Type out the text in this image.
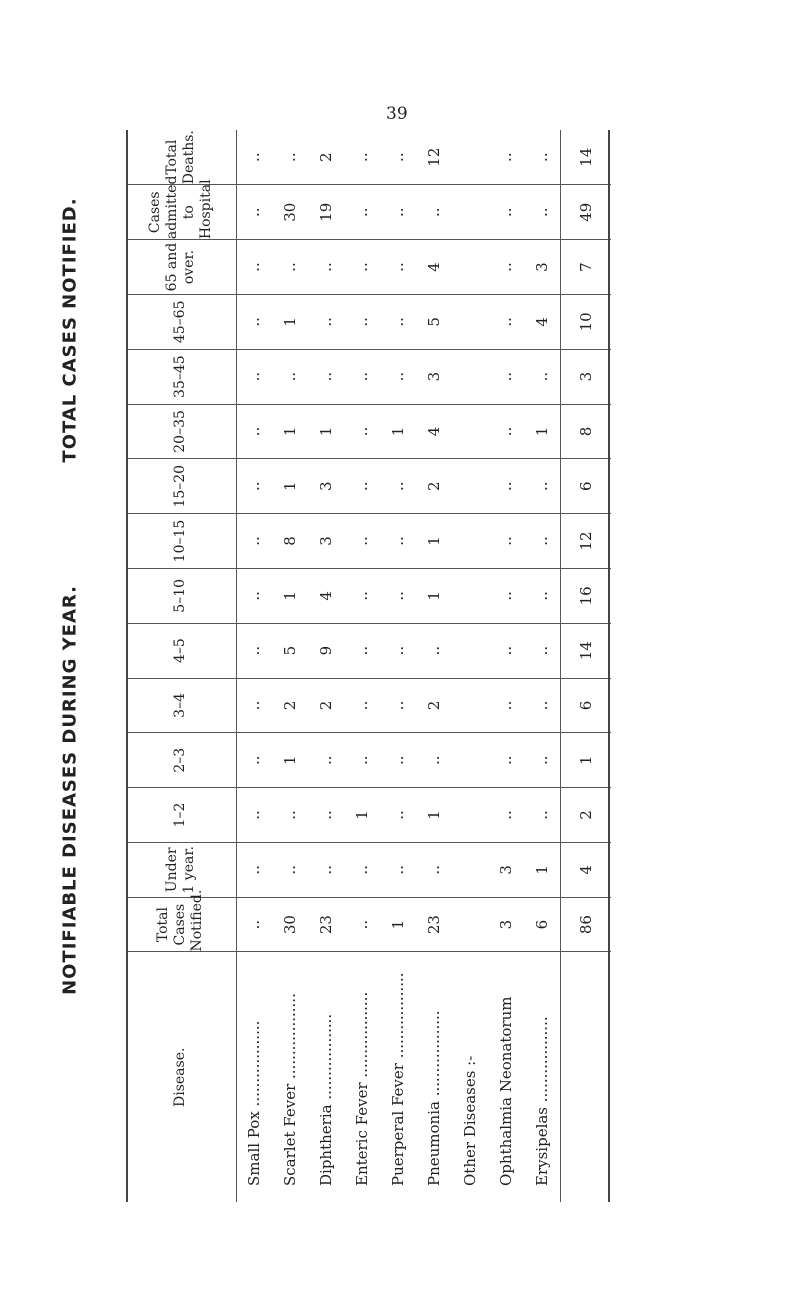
39
TOTAL CASES NOTIFIED.
NOTIFIABLE DISEASES DURING YEAR.
Disease.	Total Cases Notified.	Under 1 year.	1–2	2–3	3–4	4–5	5–10	10–15	15–20	20–35	35–45	45–65	65 and over.	Cases admitted to Hospital	Total Deaths.
Small Pox ..................	..	..	..	..	..	..	..	..	..	..	..	..	..	..	..
Scarlet Fever ..................	30	..	..	1	2	5	1	8	1	1	..	1	..	30	..
Diphtheria ..................	23	..	..	..	2	9	4	3	3	1	..	..	..	19	2
Enteric Fever ..................	..	..	1	..	..	..	..	..	..	..	..	..	..	..	..
Puerperal Fever ..................	1	..	..	..	..	..	..	..	..	1	..	..	..	..	..
Pneumonia ..................	23	..	1	..	2	..	1	1	2	4	3	5	4	..	12
Other Diseases :-															
Ophthalmia Neonatorum	3	3	..	..	..	..	..	..	..	..	..	..	..	..	..
Erysipelas ..................	6	1	..	..	..	..	..	..	..	1	..	4	3	..	..
	86	4	2	1	6	14	16	12	6	8	3	10	7	49	14
